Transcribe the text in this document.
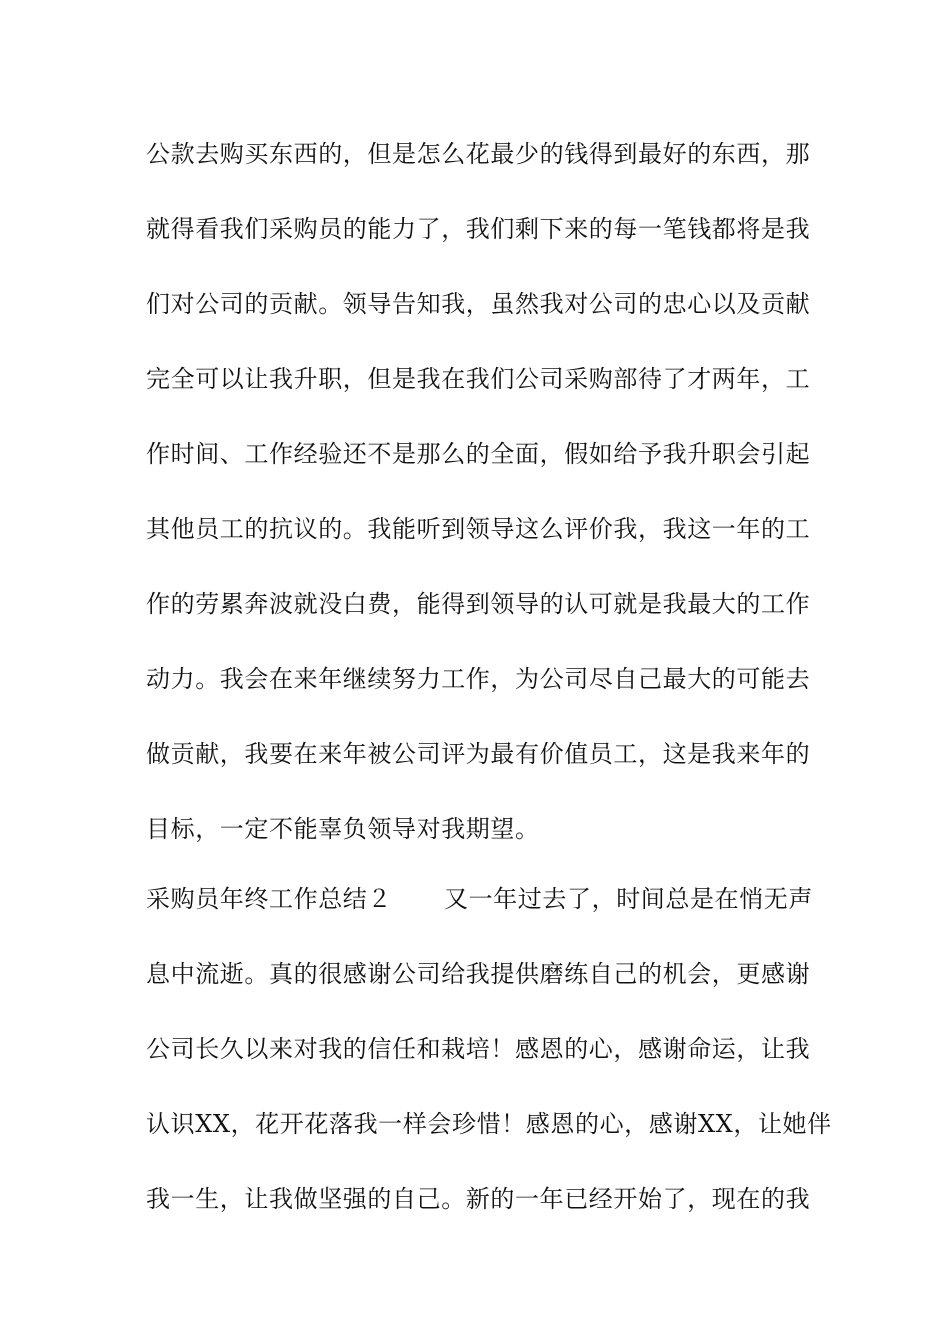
公款去购买东西的，但是怎么花最少的钱得到最好的东西，那
就得看我们采购员的能力了，我们剩下来的每一笔钱都将是我
们对公司的贡献。领导告知我，虽然我对公司的忠心以及贡献
完全可以让我升职，但是我在我们公司采购部待了才两年，工
作时间、工作经验还不是那么的全面，假如给予我升职会引起
其他员工的抗议的。我能听到领导这么评价我，我这一年的工
作的劳累奔波就没白费，能得到领导的认可就是我最大的工作
动力。我会在来年继续努力工作，为公司尽自己最大的可能去
做贡献，我要在来年被公司评为最有价值员工，这是我来年的
目标，一定不能辜负领导对我期望。
采购员年终工作总结２ 又一年过去了，时间总是在悄无声
息中流逝。真的很感谢公司给我提供磨练自己的机会，更感谢
公司长久以来对我的信任和栽培！感恩的心，感谢命运，让我
认识XX，花开花落我一样会珍惜！感恩的心，感谢XX，让她伴
我一生，让我做坚强的自己。新的一年已经开始了，现在的我
